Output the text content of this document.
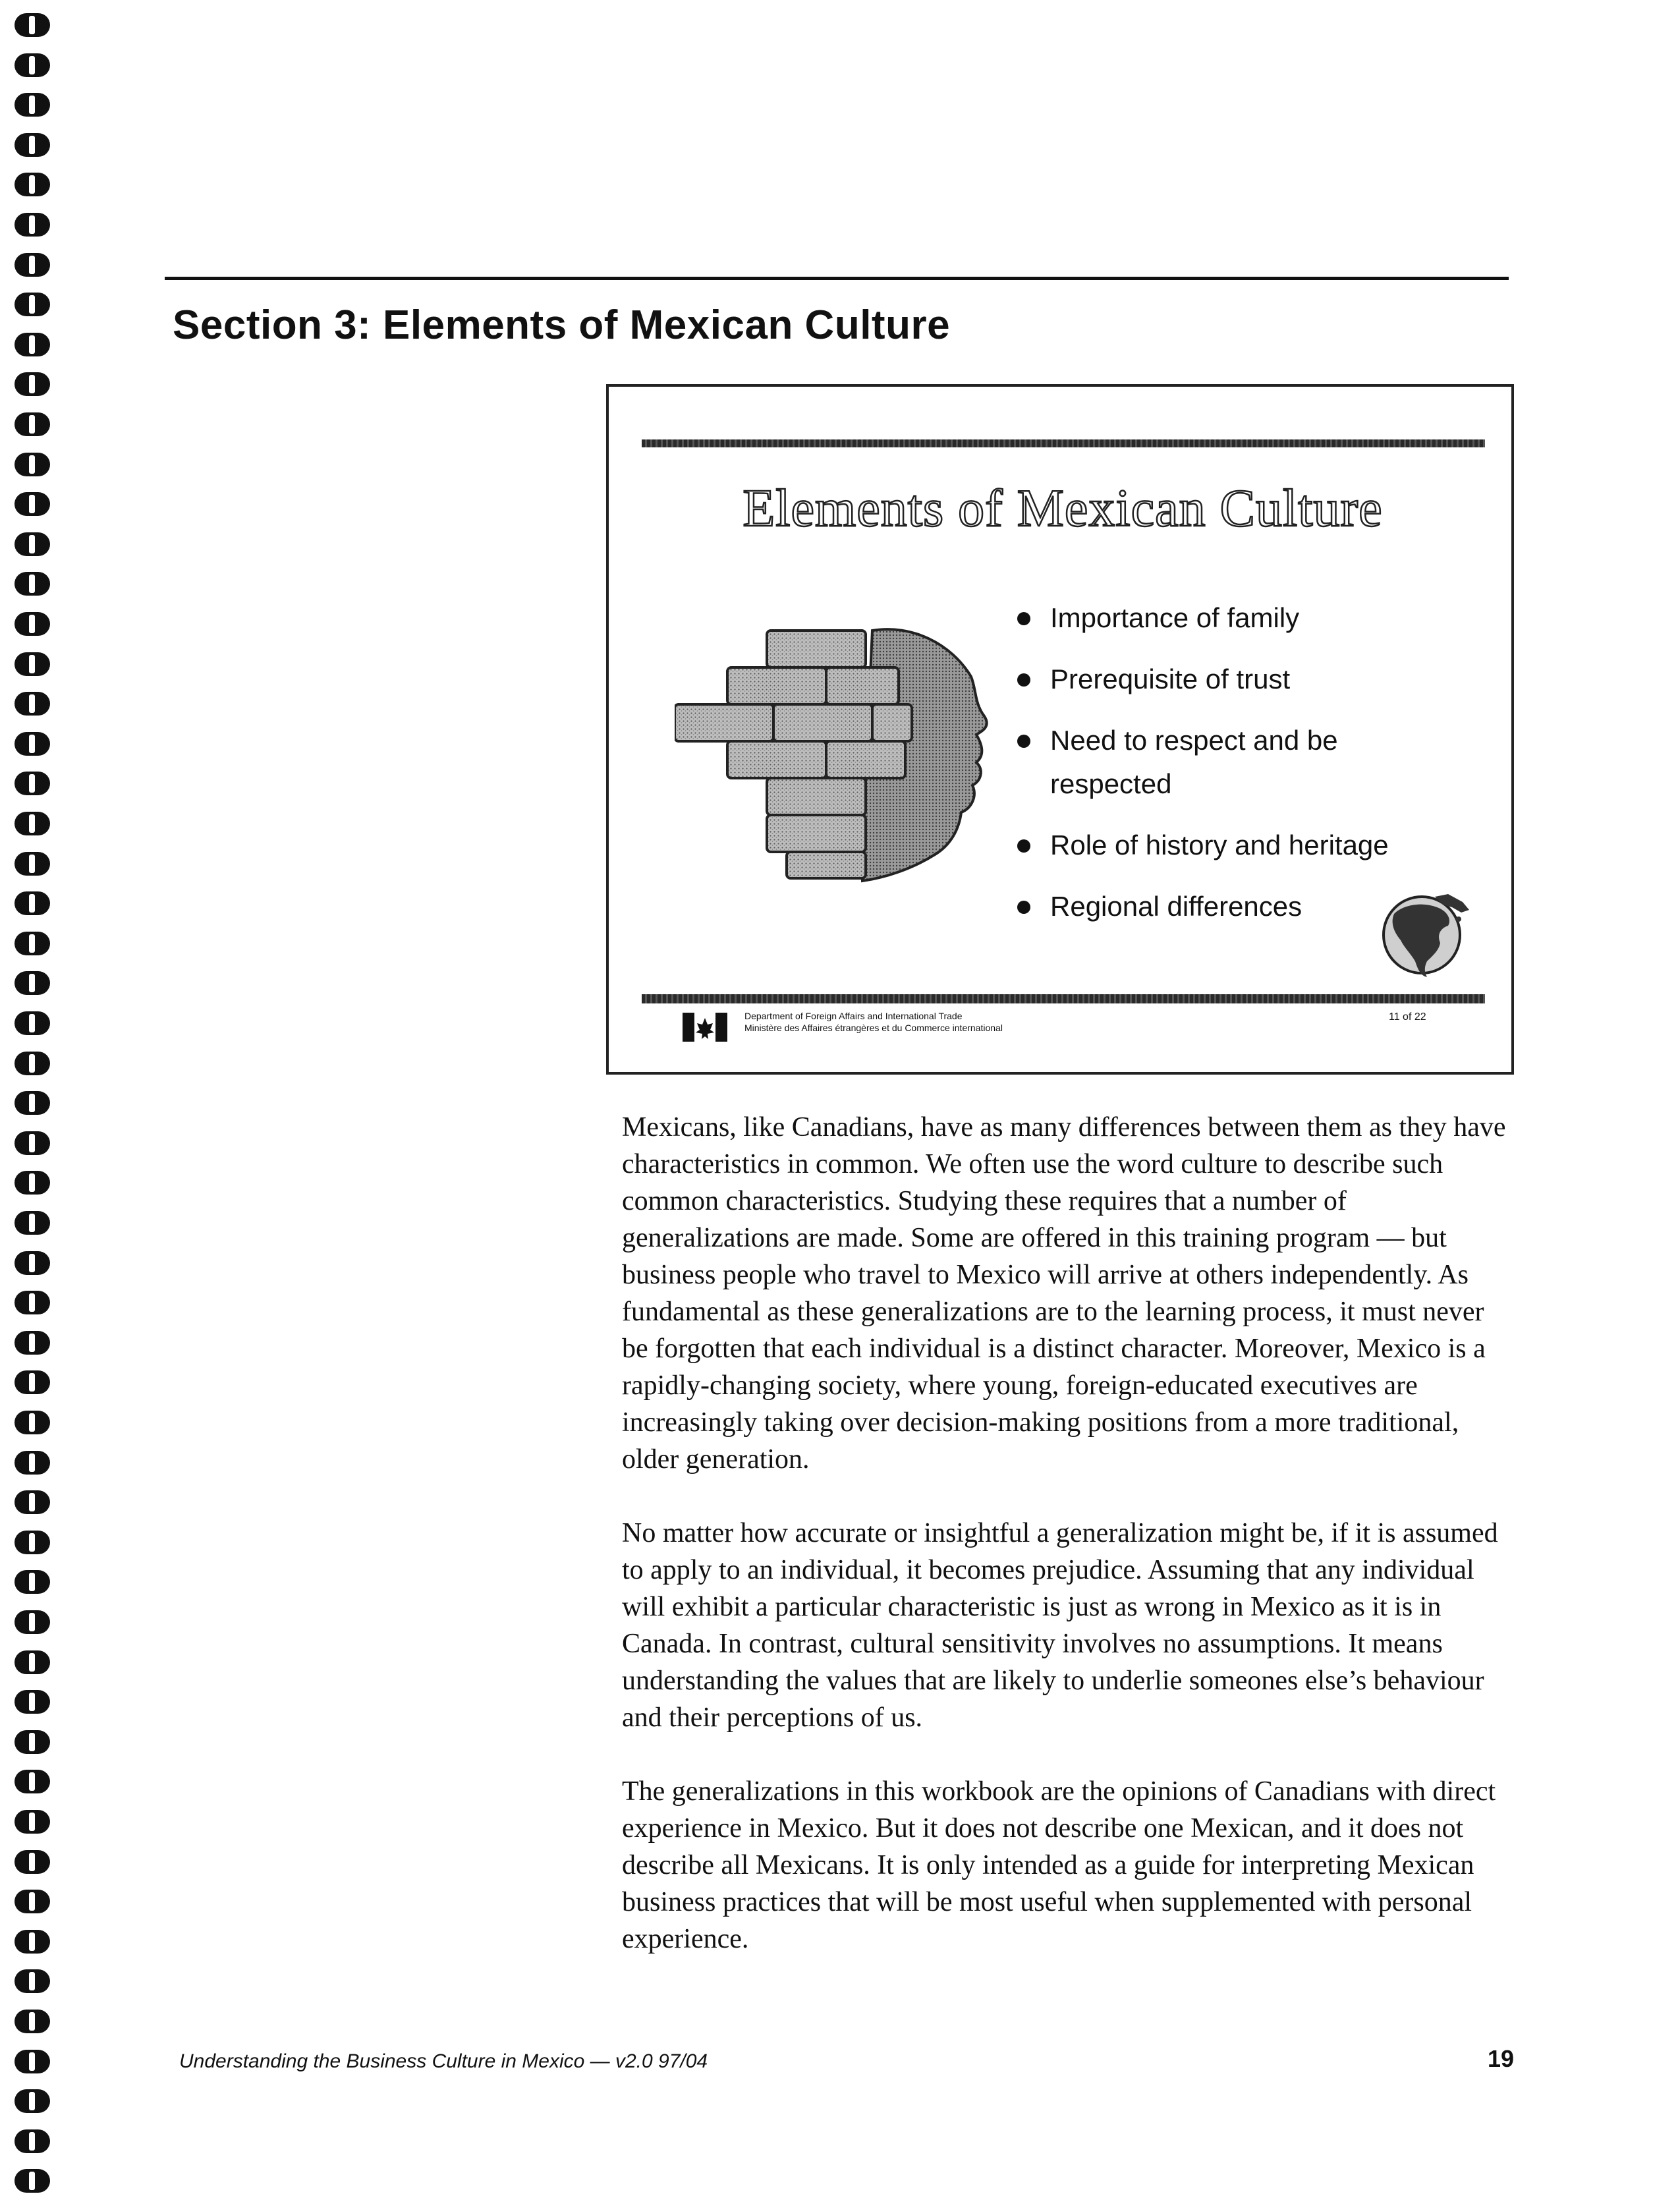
Section 3: Elements of Mexican Culture
Elements of Mexican Culture
Importance of family
Prerequisite of trust
Need to respect and be respected
Role of history and heritage
Regional differences
Department of Foreign Affairs and International Trade
Ministère des Affaires étrangères et du Commerce international
11 of 22

Mexicans, like Canadians, have as many differences between them as they have characteristics in common. We often use the word culture to describe such common characteristics. Studying these requires that a number of generalizations are made. Some are offered in this training program — but business people who travel to Mexico will arrive at others independently. As fundamental as these generalizations are to the learning process, it must never be forgotten that each individual is a distinct character. Moreover, Mexico is a rapidly-changing society, where young, foreign-educated executives are increasingly taking over decision-making positions from a more traditional, older generation.

No matter how accurate or insightful a generalization might be, if it is assumed to apply to an individual, it becomes prejudice. Assuming that any individual will exhibit a particular characteristic is just as wrong in Mexico as it is in Canada. In contrast, cultural sensitivity involves no assumptions. It means understanding the values that are likely to underlie someones else’s behaviour and their perceptions of us.

The generalizations in this workbook are the opinions of Canadians with direct experience in Mexico. But it does not describe one Mexican, and it does not describe all Mexicans. It is only intended as a guide for interpreting Mexican business practices that will be most useful when supplemented with personal experience.

Understanding the Business Culture in Mexico — v2.0 97/04	19
